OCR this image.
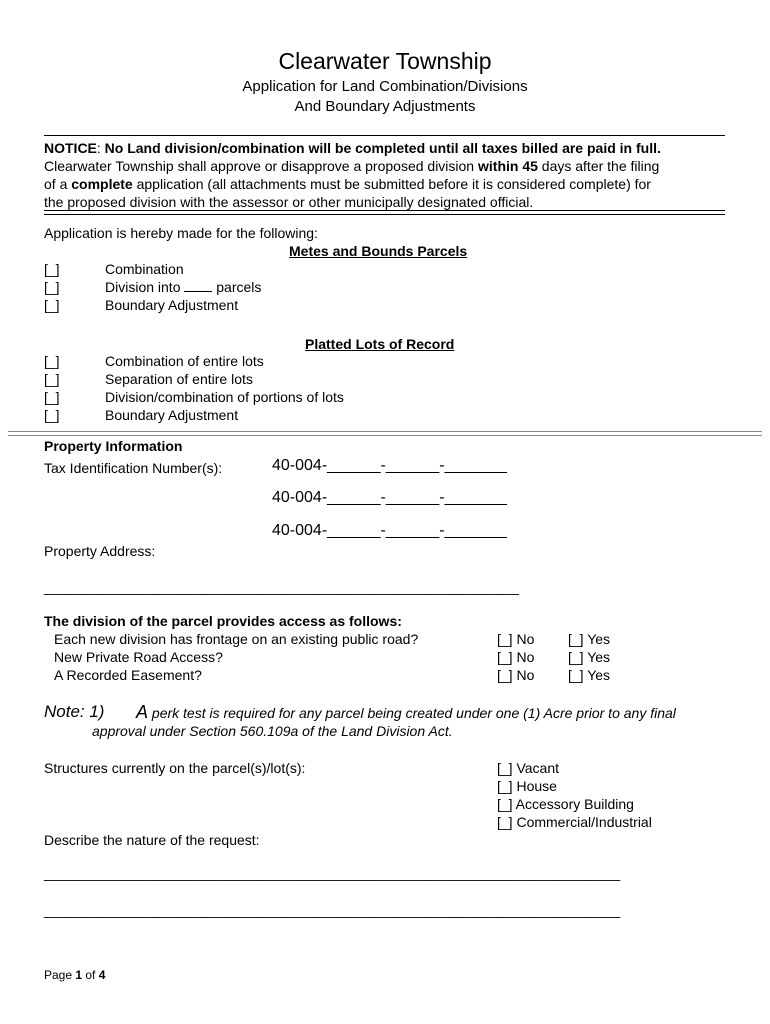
Clearwater Township
Application for Land Combination/Divisions
And Boundary Adjustments
NOTICE: No Land division/combination will be completed until all taxes billed are paid in full.
Clearwater Township shall approve or disapprove a proposed division within 45 days after the filing
of a complete application (all attachments must be submitted before it is considered complete) for
the proposed division with the assessor or other municipally designated official.
Application is hereby made for the following:
Metes and Bounds Parcels
[_]	Combination
[_]	Division into  parcels
[_]	Boundary Adjustment
Platted Lots of Record
[_]	Combination of entire lots
[_]	Separation of entire lots
[_]	Division/combination of portions of lots
[_]	Boundary Adjustment
Property Information
Tax Identification Number(s):	40-004-______-______-_______
40-004-______-______-_______
40-004-______-______-_______
Property Address:
_____________________________________________________________
The division of the parcel provides access as follows:
Each new division has frontage on an existing public road?	[_] No [_] Yes
New Private Road Access?	[_] No [_] Yes
A Recorded Easement?	[_] No [_] Yes
Note: 1) A perk test is required for any parcel being created under one (1) Acre prior to any final
approval under Section 560.109a of the Land Division Act.
Structures currently on the parcel(s)/lot(s):	[_] Vacant
[_] House
[_] Accessory Building
[_] Commercial/Industrial
Describe the nature of the request:
__________________________________________________________________________
__________________________________________________________________________
Page 1 of 4
